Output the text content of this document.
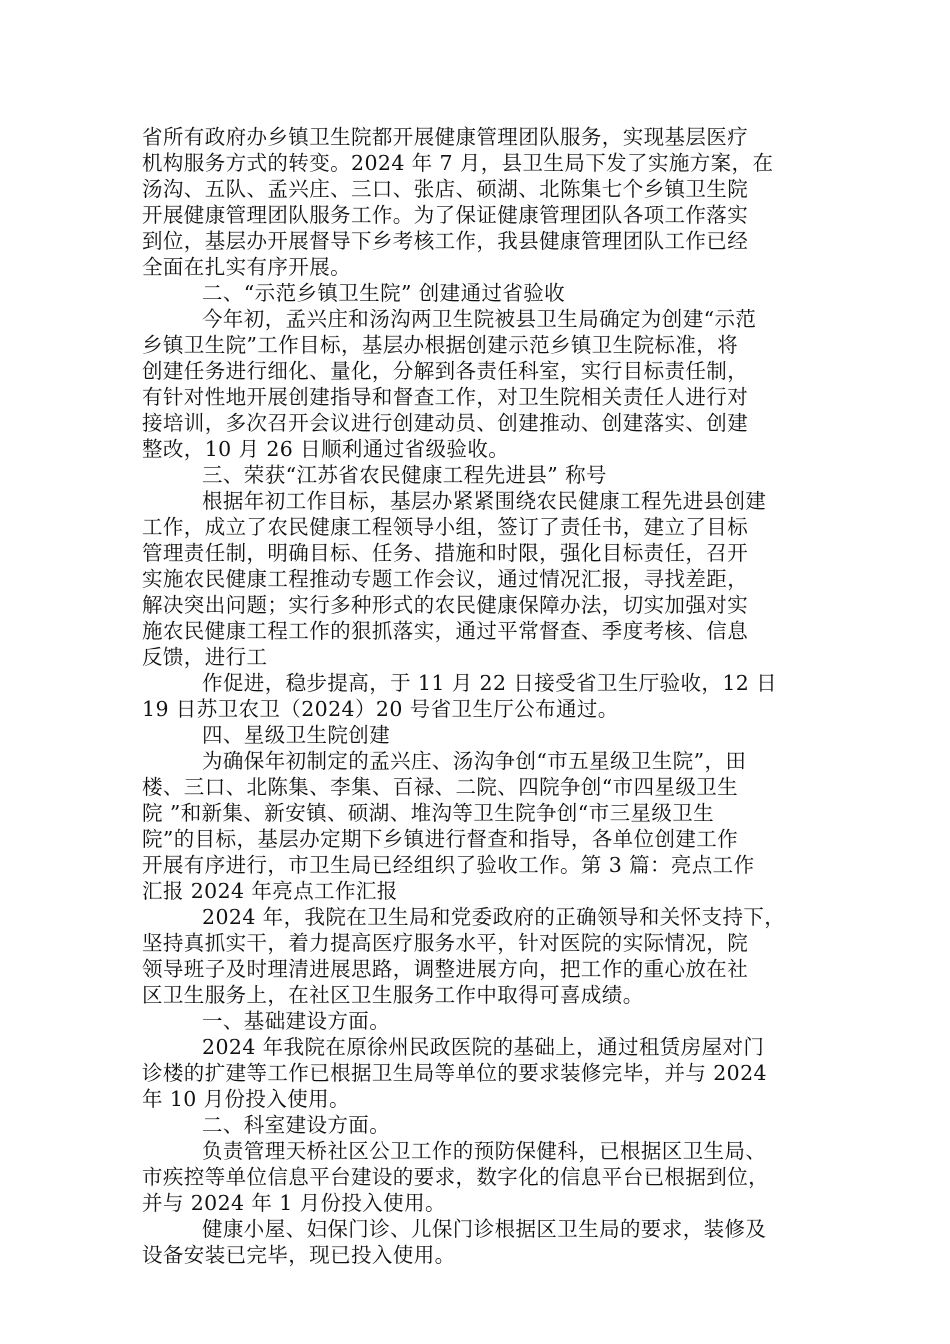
省所有政府办乡镇卫生院都开展健康管理团队服务，实现基层医疗
机构服务方式的转变。2024 年 7 月，县卫生局下发了实施方案，在
汤沟、五队、孟兴庄、三口、张店、硕湖、北陈集七个乡镇卫生院
开展健康管理团队服务工作。为了保证健康管理团队各项工作落实
到位，基层办开展督导下乡考核工作，我县健康管理团队工作已经
全面在扎实有序开展。
二、“示范乡镇卫生院” 创建通过省验收
今年初，孟兴庄和汤沟两卫生院被县卫生局确定为创建“示范
乡镇卫生院”工作目标，基层办根据创建示范乡镇卫生院标准，将
创建任务进行细化、量化，分解到各责任科室，实行目标责任制，
有针对性地开展创建指导和督查工作，对卫生院相关责任人进行对
接培训，多次召开会议进行创建动员、创建推动、创建落实、创建
整改，10 月 26 日顺利通过省级验收。
三、荣获“江苏省农民健康工程先进县” 称号
根据年初工作目标，基层办紧紧围绕农民健康工程先进县创建
工作，成立了农民健康工程领导小组，签订了责任书，建立了目标
管理责任制，明确目标、任务、措施和时限，强化目标责任，召开
实施农民健康工程推动专题工作会议，通过情况汇报，寻找差距，
解决突出问题；实行多种形式的农民健康保障办法，切实加强对实
施农民健康工程工作的狠抓落实，通过平常督查、季度考核、信息
反馈，进行工
作促进，稳步提高，于 11 月 22 日接受省卫生厅验收，12 日
19 日苏卫农卫（2024）20 号省卫生厅公布通过。
四、星级卫生院创建
为确保年初制定的孟兴庄、汤沟争创“市五星级卫生院”，田
楼、三口、北陈集、李集、百禄、二院、四院争创“市四星级卫生
院 ”和新集、新安镇、硕湖、堆沟等卫生院争创“市三星级卫生
院”的目标，基层办定期下乡镇进行督查和指导，各单位创建工作
开展有序进行，市卫生局已经组织了验收工作。第 3 篇：亮点工作
汇报 2024 年亮点工作汇报
2024 年，我院在卫生局和党委政府的正确领导和关怀支持下，
坚持真抓实干，着力提高医疗服务水平，针对医院的实际情况，院
领导班子及时理清进展思路，调整进展方向，把工作的重心放在社
区卫生服务上，在社区卫生服务工作中取得可喜成绩。
一、基础建设方面。
2024 年我院在原徐州民政医院的基础上，通过租赁房屋对门
诊楼的扩建等工作已根据卫生局等单位的要求装修完毕，并与 2024
年 10 月份投入使用。
二、科室建设方面。
负责管理天桥社区公卫工作的预防保健科，已根据区卫生局、
市疾控等单位信息平台建设的要求，数字化的信息平台已根据到位，
并与 2024 年 1 月份投入使用。
健康小屋、妇保门诊、儿保门诊根据区卫生局的要求，装修及
设备安装已完毕，现已投入使用。
